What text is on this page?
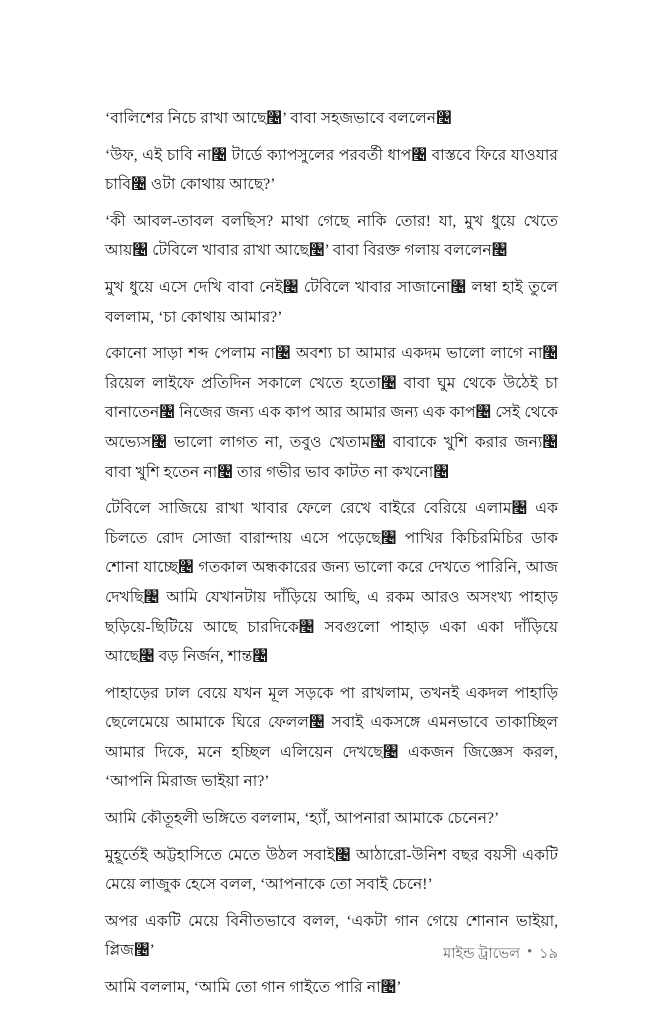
‘বালিশের নিচে রাখা আছে৤’ বাবা সহজভাবে বললেন৤

‘উফ, এই চাবি না৤ টার্ডে ক্যাপসুলের পরবর্তী ধাপ৤ বাস্তবে ফিরে যাওযার চাবি৤ ওটা কোথায় আছে?’

‘কী আবল-তাবল বলছিস? মাথা গেছে নাকি তোর! যা, মুখ ধুয়ে খেতে আয়৤ টেবিলে খাবার রাখা আছে৤’ বাবা বিরক্ত গলায় বললেন৤

মুখ ধুয়ে এসে দেখি বাবা নেই৤ টেবিলে খাবার সাজানো৤ লম্বা হাই তুলে বললাম, ‘চা কোথায় আমার?’

কোনো সাড়া শব্দ পেলাম না৤ অবশ্য চা আমার একদম ভালো লাগে না৤ রিয়েল লাইফে প্রতিদিন সকালে খেতে হতো৤ বাবা ঘুম থেকে উঠেই চা বানাতেন৤ নিজের জন্য এক কাপ আর আমার জন্য এক কাপ৤ সেই থেকে অভ্যেস৤ ভালো লাগত না, তবুও খেতাম৤ বাবাকে খুশি করার জন্য৤ বাবা খুশি হতেন না৤ তার গভীর ভাব কাটত না কখনো৤

টেবিলে সাজিয়ে রাখা খাবার ফেলে রেখে বাইরে বেরিয়ে এলাম৤ এক চিলতে রোদ সোজা বারান্দায় এসে পড়েছে৤ পাখির কিচিরমিচির ডাক শোনা যাচ্ছে৤ গতকাল অন্ধকারের জন্য ভালো করে দেখতে পারিনি, আজ দেখছি৤ আমি যেখানটায় দাঁড়িয়ে আছি, এ রকম আরও অসংখ্য পাহাড় ছড়িয়ে-ছিটিয়ে আছে চারদিকে৤ সবগুলো পাহাড় একা একা দাঁড়িয়ে আছে৤ বড় নির্জন, শান্ত৤

পাহাড়ের ঢাল বেয়ে যখন মূল সড়কে পা রাখলাম, তখনই একদল পাহাড়ি ছেলেমেয়ে আমাকে ঘিরে ফেলল৤ সবাই একসঙ্গে এমনভাবে তাকাচ্ছিল আমার দিকে, মনে হচ্ছিল এলিয়েন দেখছে৤ একজন জিজ্ঞেস করল, ‘আপনি মিরাজ ভাইয়া না?’

আমি কৌতূহলী ভঙ্গিতে বললাম, ‘হ্যাঁ, আপনারা আমাকে চেনেন?’

মুহূর্তেই অট্টহাসিতে মেতে উঠল সবাই৤ আঠারো-উনিশ বছর বয়সী একটি মেয়ে লাজুক হেসে বলল, ‘আপনাকে তো সবাই চেনে!’

অপর একটি মেয়ে বিনীতভাবে বলল, ‘একটা গান গেয়ে শোনান ভাইয়া, প্লিজ৤’

আমি বললাম, ‘আমি তো গান গাইতে পারি না৤’

মাইন্ড ট্রাভেল • ১৯
